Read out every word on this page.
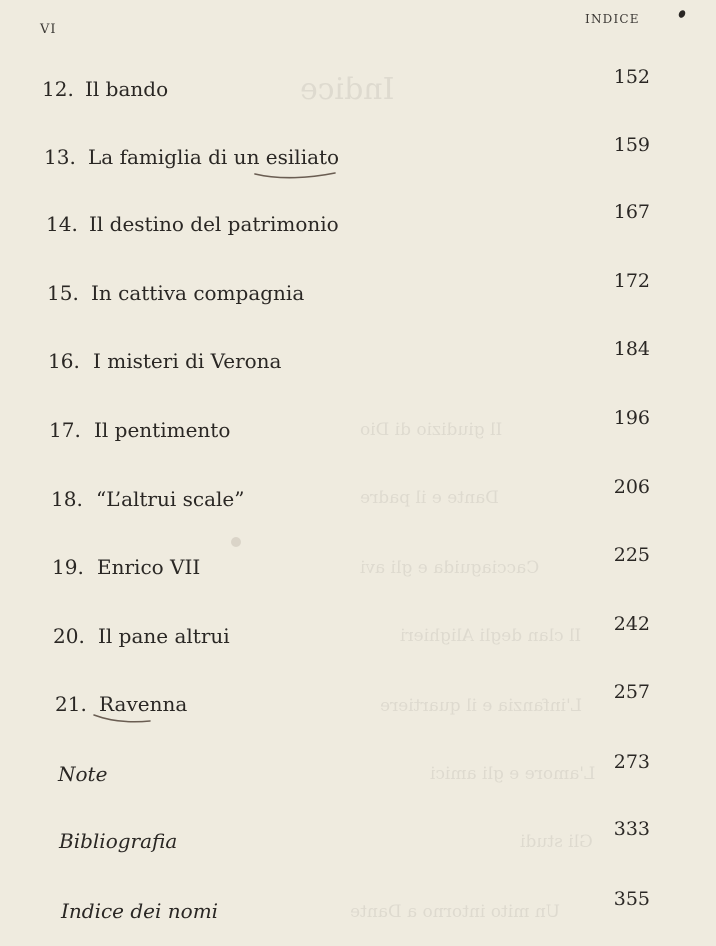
Indice
Il giudizio di Dio
Dante e il padre
Cacciaguida e gli avi
Il clan degli Alighieri
L'infanzia e il quartiere
L'amore e gli amici
Gli studi
Un mito intorno a Dante
VI
INDICE
12. Il bando	152
13. La famiglia di un esiliato	159
14. Il destino del patrimonio	167
15. In cattiva compagnia	172
16. I misteri di Verona	184
17. Il pentimento	196
18. “L’altrui scale”	206
19. Enrico VII	225
20. Il pane altrui	242
21. Ravenna	257
Note	273
Bibliografia	333
Indice dei nomi	355
